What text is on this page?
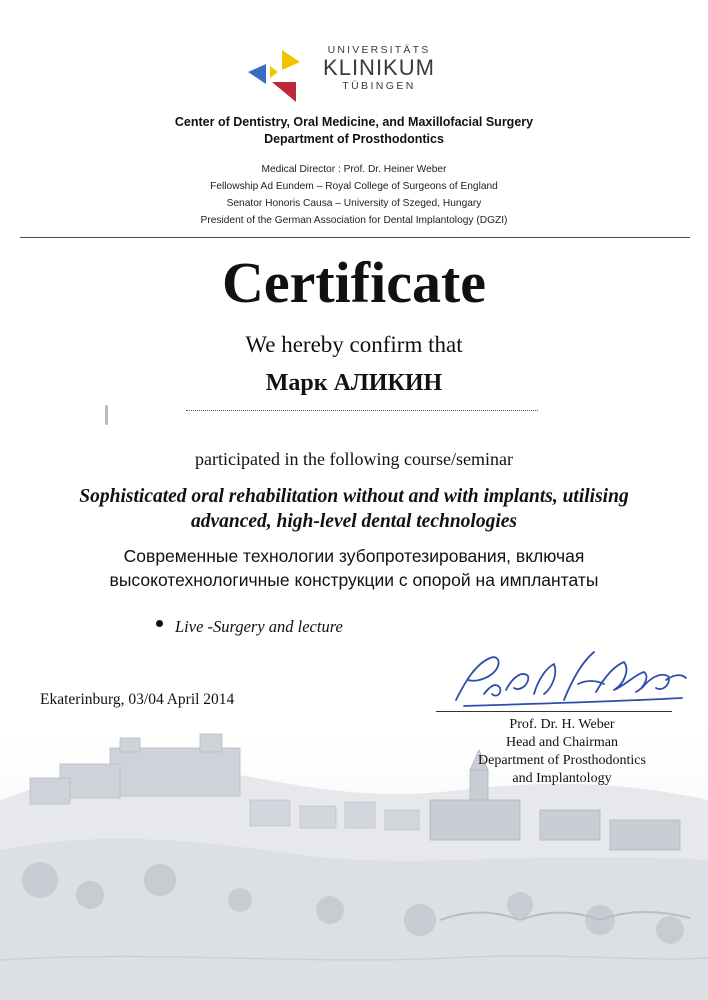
UNIVERSITÄTS
KLINIKUM
TÜBINGEN
Center of Dentistry, Oral Medicine, and Maxillofacial Surgery
Department of Prosthodontics
Medical Director : Prof. Dr. Heiner Weber
Fellowship Ad Eundem – Royal College of Surgeons of England
Senator Honoris Causa – University of Szeged, Hungary
President of the German Association for Dental Implantology (DGZI)
Certificate
We hereby confirm that
Марк АЛИКИН
participated in the following course/seminar
Sophisticated oral rehabilitation without and with implants, utilising
advanced, high-level dental technologies
Современные технологии зубопротезирования, включая
высокотехнологичные конструкции с опорой на имплантаты
Live -Surgery and lecture
Ekaterinburg, 03/04 April 2014
Prof. Dr. H. Weber
Head and Chairman
Department of Prosthodontics
and Implantology
